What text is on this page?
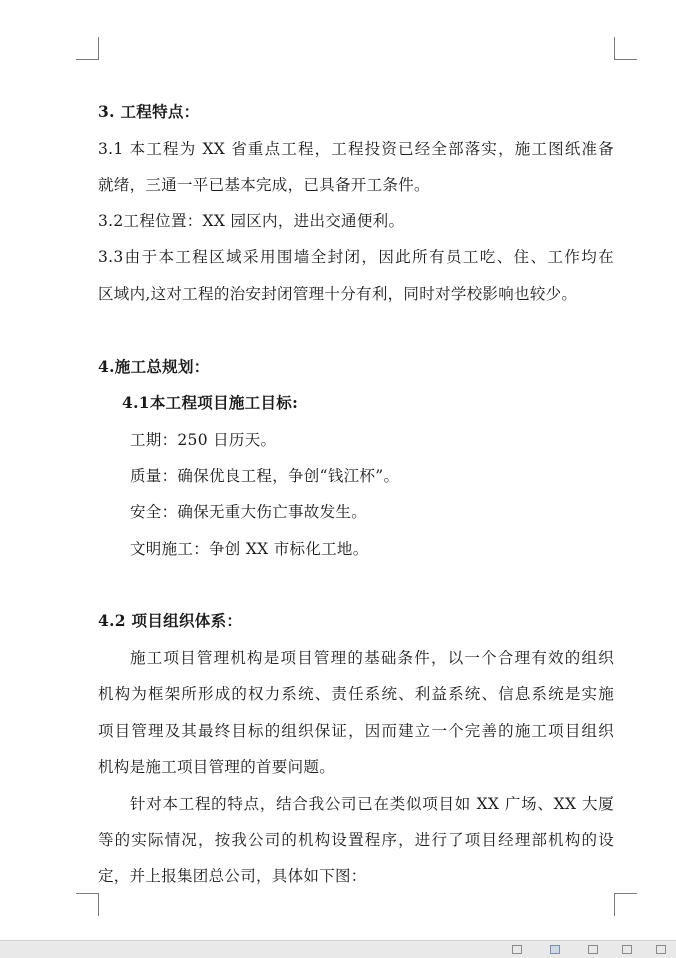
3. 工程特点：
3.1 本工程为 XX 省重点工程，工程投资已经全部落实，施工图纸准备
就绪，三通一平已基本完成，已具备开工条件。
3.2工程位置：XX 园区内，进出交通便利。
3.3由于本工程区域采用围墙全封闭，因此所有员工吃、住、工作均在
区域内,这对工程的治安封闭管理十分有利，同时对学校影响也较少。
4.施工总规划：
4.1本工程项目施工目标:
工期：250 日历天。
质量：确保优良工程，争创“钱江杯”。
安全：确保无重大伤亡事故发生。
文明施工：争创 XX 市标化工地。
4.2 项目组织体系：
施工项目管理机构是项目管理的基础条件，以一个合理有效的组织
机构为框架所形成的权力系统、责任系统、利益系统、信息系统是实施
项目管理及其最终目标的组织保证，因而建立一个完善的施工项目组织
机构是施工项目管理的首要问题。
针对本工程的特点，结合我公司已在类似项目如 XX 广场、XX 大厦
等的实际情况，按我公司的机构设置程序，进行了项目经理部机构的设
定，并上报集团总公司，具体如下图：
